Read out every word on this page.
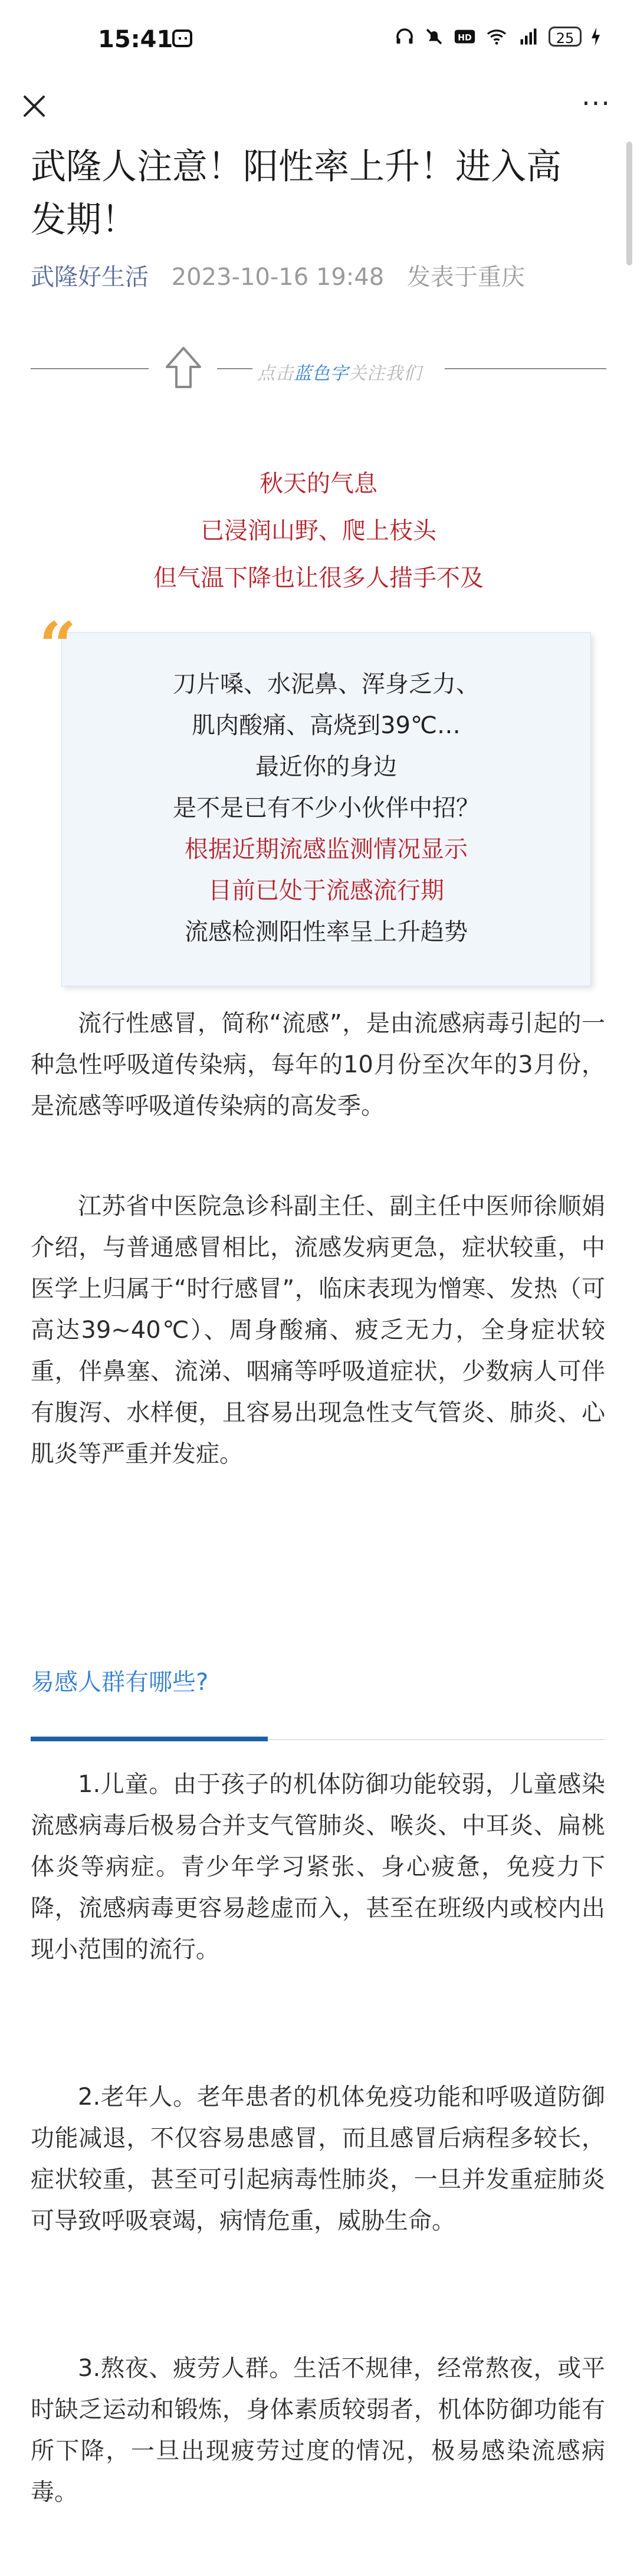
15:41	HD	25
···
武隆人注意！阳性率上升！进入高发期！
武隆好生活 2023-10-16 19:48 发表于重庆
点击蓝色字关注我们
秋天的气息
已浸润山野、爬上枝头
但气温下降也让很多人措手不及
刀片嗓、水泥鼻、浑身乏力、
肌肉酸痛、高烧到39℃…
最近你的身边
是不是已有不少小伙伴中招？
根据近期流感监测情况显示
目前已处于流感流行期
流感检测阳性率呈上升趋势
“

流行性感冒，简称“流感”，是由流感病毒引起的一种急性呼吸道传染病，每年的10月份至次年的3月份，是流感等呼吸道传染病的高发季。

江苏省中医院急诊科副主任、副主任中医师徐顺娟介绍，与普通感冒相比，流感发病更急，症状较重，中医学上归属于“时行感冒”，临床表现为憎寒、发热（可高达39~40℃）、周身酸痛、疲乏无力，全身症状较重，伴鼻塞、流涕、咽痛等呼吸道症状，少数病人可伴有腹泻、水样便，且容易出现急性支气管炎、肺炎、心肌炎等严重并发症。

易感人群有哪些?

1.儿童。由于孩子的机体防御功能较弱，儿童感染流感病毒后极易合并支气管肺炎、喉炎、中耳炎、扁桃体炎等病症。青少年学习紧张、身心疲惫，免疫力下降，流感病毒更容易趁虚而入，甚至在班级内或校内出现小范围的流行。

2.老年人。老年患者的机体免疫功能和呼吸道防御功能减退，不仅容易患感冒，而且感冒后病程多较长，症状较重，甚至可引起病毒性肺炎，一旦并发重症肺炎可导致呼吸衰竭，病情危重，威胁生命。

3.熬夜、疲劳人群。生活不规律，经常熬夜，或平时缺乏运动和锻炼，身体素质较弱者，机体防御功能有所下降，一旦出现疲劳过度的情况，极易感染流感病毒。
